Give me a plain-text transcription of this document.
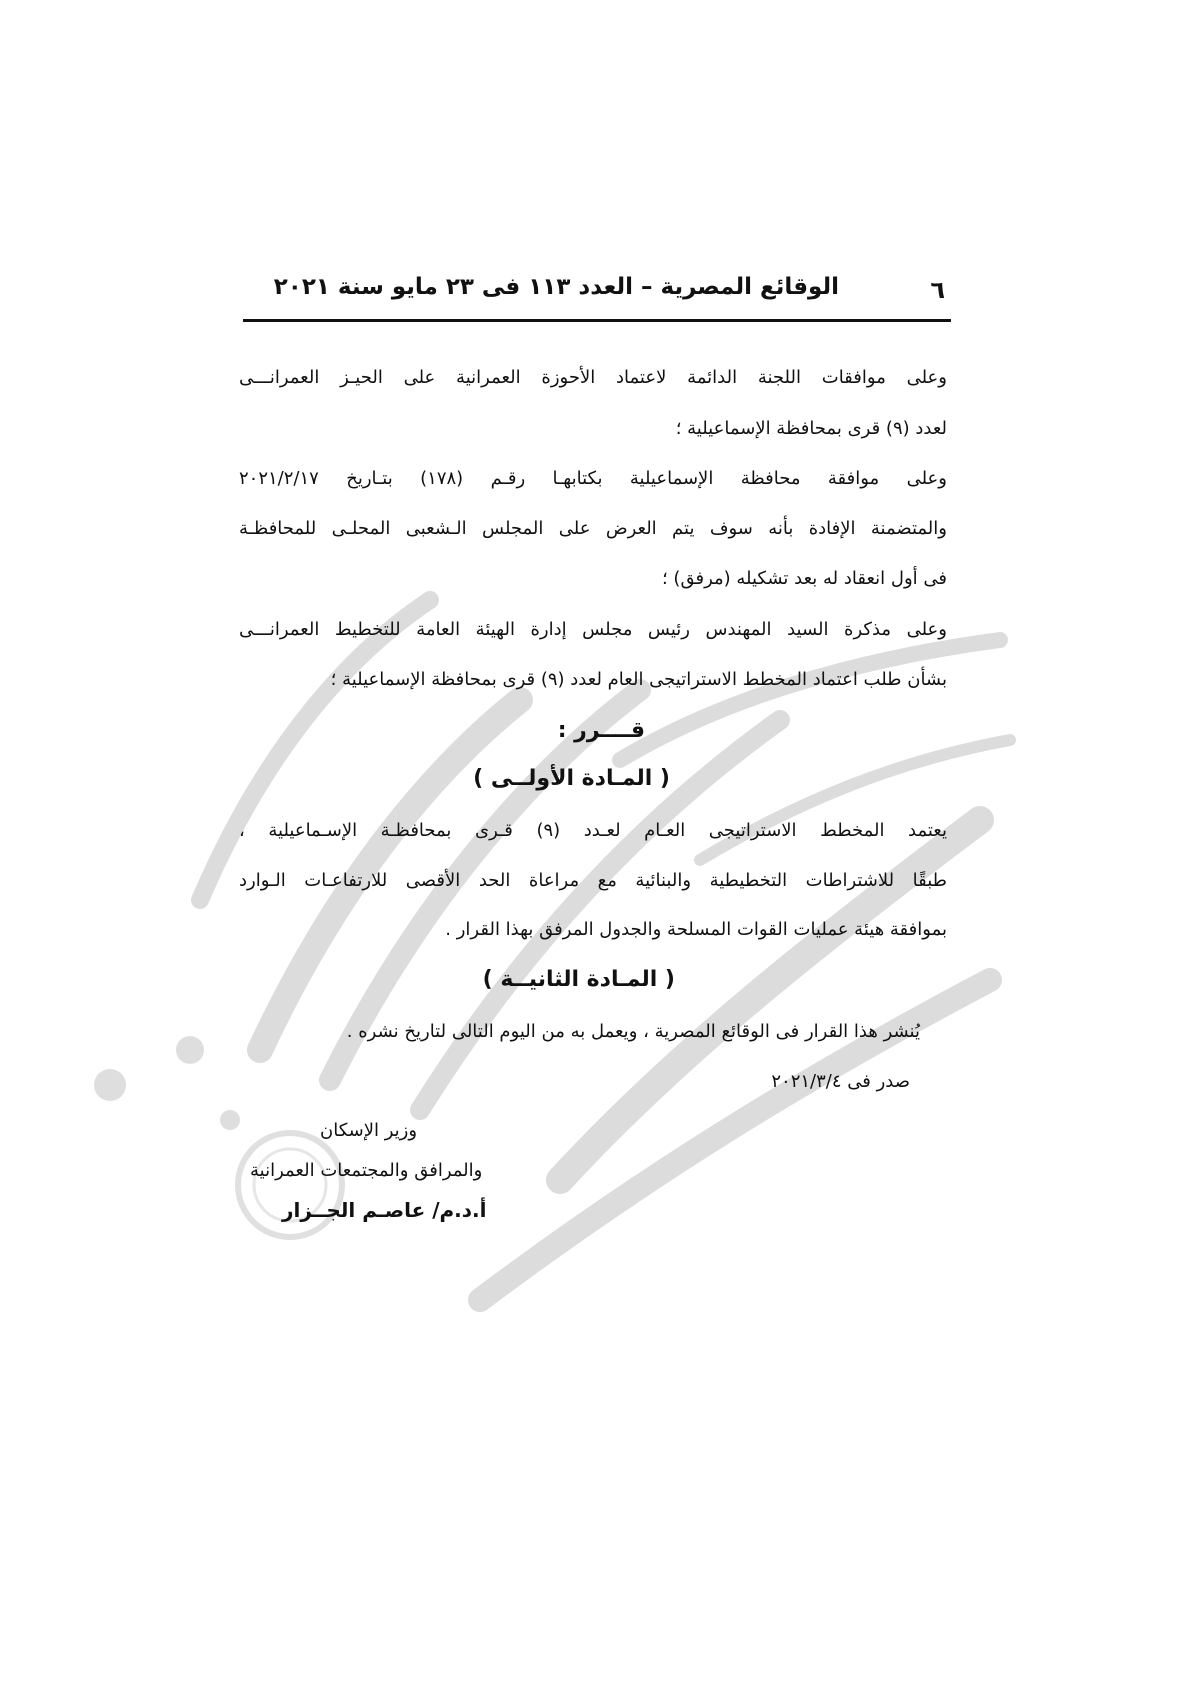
٦
الوقائع المصرية – العدد ١١٣ فى ٢٣ مايو سنة ٢٠٢١
وعلى موافقات اللجنة الدائمة لاعتماد الأحوزة العمرانية على الحيـز العمرانـــى
لعدد (٩) قرى بمحافظة الإسماعيلية ؛
وعلى موافقة محافظة الإسماعيلية بكتابهـا رقـم (١٧٨) بتـاريخ ٢٠٢١/٢/١٧
والمتضمنة الإفادة بأنه سوف يتم العرض على المجلس الـشعبى المحلـى للمحافظـة
فى أول انعقاد له بعد تشكيله (مرفق) ؛
وعلى مذكرة السيد المهندس رئيس مجلس إدارة الهيئة العامة للتخطيط العمرانـــى
بشأن طلب اعتماد المخطط الاستراتيجى العام لعدد (٩) قرى بمحافظة الإسماعيلية ؛
قــــرر :
( المـادة الأولــى )
يعتمد المخطط الاستراتيجى العـام لعـدد (٩) قـرى بمحافظـة الإسـماعيلية ،
طبقًا للاشتراطات التخطيطية والبنائية مع مراعاة الحد الأقصى للارتفاعـات الـوارد
بموافقة هيئة عمليات القوات المسلحة والجدول المرفق بهذا القرار .
( المـادة الثانيــة )
يُنشر هذا القرار فى الوقائع المصرية ، ويعمل به من اليوم التالى لتاريخ نشره .
صدر فى ٢٠٢١/٣/٤
وزير الإسكان
والمرافق والمجتمعات العمرانية
أ.د.م/ عاصـم الجــزار
